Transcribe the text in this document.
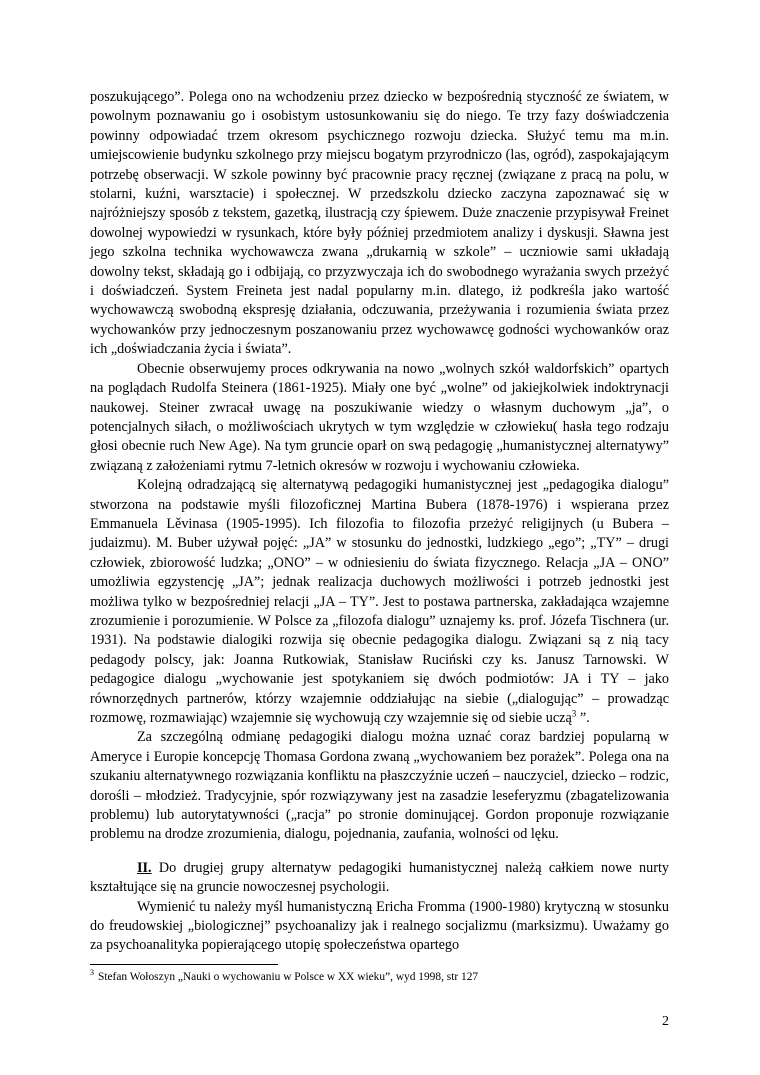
poszukującego”. Polega ono na wchodzeniu przez dziecko w bezpośrednią styczność ze światem, w powolnym poznawaniu go i osobistym ustosunkowaniu się do niego. Te trzy fazy doświadczenia powinny odpowiadać trzem okresom psychicznego rozwoju dziecka. Służyć temu ma m.in. umiejscowienie budynku szkolnego przy miejscu bogatym przyrodniczo (las, ogród), zaspokajającym potrzebę obserwacji. W szkole powinny być pracownie pracy ręcznej (związane z pracą na polu, w stolarni, kuźni, warsztacie) i społecznej. W przedszkolu dziecko zaczyna zapoznawać się w najróżniejszy sposób z tekstem, gazetką, ilustracją czy śpiewem. Duże znaczenie przypisywał Freinet dowolnej wypowiedzi w rysunkach, które były później przedmiotem analizy i dyskusji. Sławna jest jego szkolna technika wychowawcza zwana „drukarnią w szkole” – uczniowie sami układają dowolny tekst, składają go i odbijają, co przyzwyczaja ich do swobodnego wyrażania swych przeżyć i doświadczeń. System Freineta jest nadal popularny m.in. dlatego, iż podkreśla jako wartość wychowawczą swobodną ekspresję działania, odczuwania, przeżywania i rozumienia świata przez wychowanków przy jednoczesnym poszanowaniu przez wychowawcę godności wychowanków oraz ich „doświadczania życia i świata”.

Obecnie obserwujemy proces odkrywania na nowo „wolnych szkół waldorfskich” opartych na poglądach Rudolfa Steinera (1861-1925). Miały one być „wolne” od jakiejkolwiek indoktrynacji naukowej. Steiner zwracał uwagę na poszukiwanie wiedzy o własnym duchowym „ja”, o potencjalnych siłach, o możliwościach ukrytych w tym względzie w człowieku( hasła tego rodzaju głosi obecnie ruch New Age). Na tym gruncie oparł on swą pedagogię „humanistycznej alternatywy” związaną z założeniami rytmu 7-letnich okresów w rozwoju i wychowaniu człowieka.

Kolejną odradzającą się alternatywą pedagogiki humanistycznej jest „pedagogika dialogu” stworzona na podstawie myśli filozoficznej Martina Bubera (1878-1976) i wspierana przez Emmanuela Lěvinasa (1905-1995). Ich filozofia to filozofia przeżyć religijnych (u Bubera – judaizmu). M. Buber używał pojęć: „JA” w stosunku do jednostki, ludzkiego „ego”; „TY” – drugi człowiek, zbiorowość ludzka; „ONO” – w odniesieniu do świata fizycznego. Relacja „JA – ONO” umożliwia egzystencję „JA”; jednak realizacja duchowych możliwości i potrzeb jednostki jest możliwa tylko w bezpośredniej relacji „JA – TY”. Jest to postawa partnerska, zakładająca wzajemne zrozumienie i porozumienie. W Polsce za „filozofa dialogu” uznajemy ks. prof. Józefa Tischnera (ur. 1931). Na podstawie dialogiki rozwija się obecnie pedagogika dialogu. Związani są z nią tacy pedagody polscy, jak: Joanna Rutkowiak, Stanisław Ruciński czy ks. Janusz Tarnowski. W pedagogice dialogu „wychowanie jest spotykaniem się dwóch podmiotów: JA i TY – jako równorzędnych partnerów, którzy wzajemnie oddziałując na siebie („dialogując” – prowadząc rozmowę, rozmawiając) wzajemnie się wychowują czy wzajemnie się od siebie uczą$^3$ ”.

Za szczególną odmianę pedagogiki dialogu można uznać coraz bardziej popularną w Ameryce i Europie koncepcję Thomasa Gordona zwaną „wychowaniem bez porażek”. Polega ona na szukaniu alternatywnego rozwiązania konfliktu na płaszczyźnie uczeń – nauczyciel, dziecko – rodzic, dorośli – młodzież. Tradycyjnie, spór rozwiązywany jest na zasadzie leseferyzmu (zbagatelizowania problemu) lub autorytatywności („racja” po stronie dominującej. Gordon proponuje rozwiązanie problemu na drodze zrozumienia, dialogu, pojednania, zaufania, wolności od lęku.

II. Do drugiej grupy alternatyw pedagogiki humanistycznej należą całkiem nowe nurty kształtujące się na gruncie nowoczesnej psychologii.

Wymienić tu należy myśl humanistyczną Ericha Fromma (1900-1980) krytyczną w stosunku do freudowskiej „biologicznej” psychoanalizy jak i realnego socjalizmu (marksizmu). Uważamy go za psychoanalityka popierającego utopię społeczeństwa opartego

$^3$ Stefan Wołoszyn „Nauki o wychowaniu w Polsce w XX wieku”, wyd 1998, str 127
2
